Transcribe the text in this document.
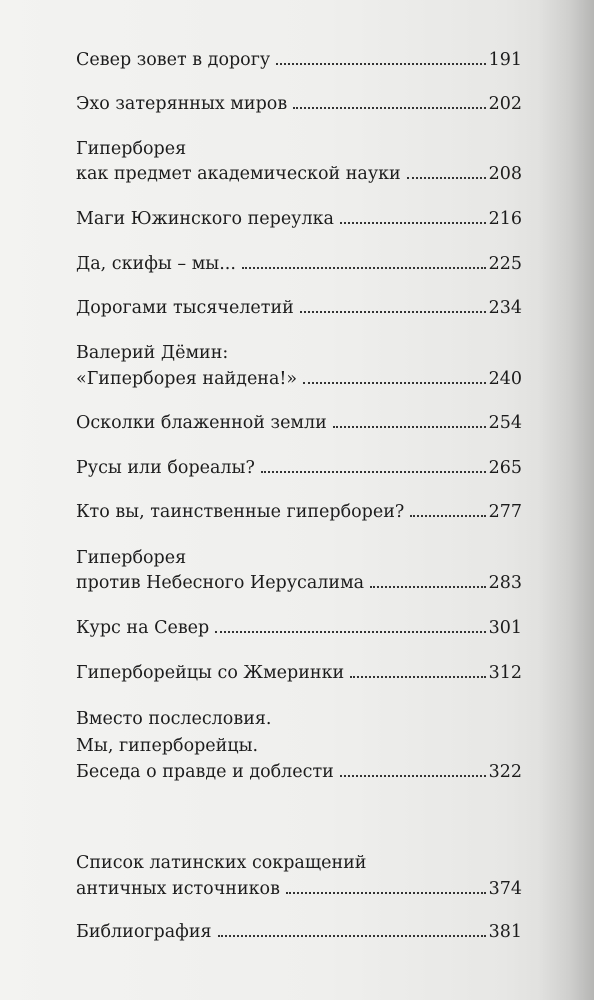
Север зовет в дорогу	191
Эхо затерянных миров	202
Гиперборея
как предмет академической науки	208
Маги Южинского переулка	216
Да, скифы – мы...	225
Дорогами тысячелетий	234
Валерий Дёмин:
«Гиперборея найдена!»	240
Осколки блаженной земли	254
Русы или бореалы?	265
Кто вы, таинственные гипербореи?	277
Гиперборея
против Небесного Иерусалима	283
Курс на Север	301
Гиперборейцы со Жмеринки	312
Вместо послесловия.
Мы, гиперборейцы.
Беседа о правде и доблести	322
Список латинских сокращений
античных источников	374
Библиография	381
